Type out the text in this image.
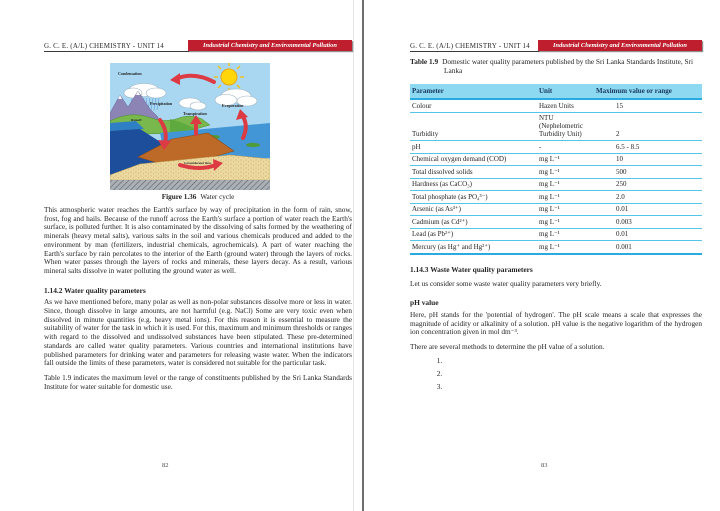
G. C. E. (A/L) CHEMISTRY - UNIT 14	Industrial Chemistry and Environmental Pollution
Condensation
Precipitation
Runoff
Transpiration
Evaporation
Groundwater flow
Figure 1.36 Water cycle

This atmospheric water reaches the Earth's surface by way of precipitation in the form of rain, snow, frost, fog and hails. Because of the runoff across the Earth's surface a portion of water reach the Earth's surface, is polluted further. It is also contaminated by the dissolving of salts formed by the weathering of minerals (heavy metal salts), various salts in the soil and various chemicals produced and added to the environment by man (fertilizers, industrial chemicals, agrochemicals). A part of water reaching the Earth's surface by rain percolates to the interior of the Earth (ground water) through the layers of rocks. When water passes through the layers of rocks and minerals, these layers decay. As a result, various mineral salts dissolve in water polluting the ground water as well.

1.14.2 Water quality parameters

As we have mentioned before, many polar as well as non-polar substances dissolve more or less in water. Since, though dissolve in large amounts, are not harmful (e.g. NaCl) Some are very toxic even when dissolved in minute quantities (e.g. heavy metal ions). For this reason it is essential to measure the suitability of water for the task in which it is used. For this, maximum and minimum thresholds or ranges with regard to the dissolved and undissolved substances have been stipulated. These pre-determined standards are called water quality parameters. Various countries and international institutions have published parameters for drinking water and parameters for releasing waste water. When the indicators fall outside the limits of these parameters, water is considered not suitable for the particular task.

Table 1.9 indicates the maximum level or the range of constituents published by the Sri Lanka Standards Institute for water suitable for domestic use.

82
G. C. E. (A/L) CHEMISTRY - UNIT 14	Industrial Chemistry and Environmental Pollution
Table 1.9 Domestic water quality parameters published by the Sri Lanka Standards Institute, Sri Lanka
Parameter	Unit	Maximum value or range
Colour	Hazen Units	15
Turbidity	NTU (Nephelometric Turbidity Unit)	2
pH	-	6.5 - 8.5
Chemical oxygen demand (COD)	mg L⁻¹	10
Total dissolved solids	mg L⁻¹	500
Hardness (as CaCO₃)	mg L⁻¹	250
Total phosphate (as PO₄³⁻)	mg L⁻¹	2.0
Arsenic (as As³⁺)	mg L⁻¹	0.01
Cadmium (as Cd²⁺)	mg L⁻¹	0.003
Lead (as Pb²⁺)	mg L⁻¹	0.01
Mercury (as Hg⁺ and Hg²⁺)	mg L⁻¹	0.001

1.14.3 Waste Water quality parameters

Let us consider some waste water quality parameters very briefly.

pH value

Here, pH stands for the 'potential of hydrogen'. The pH scale means a scale that expresses the magnitude of acidity or alkalinity of a solution. pH value is the negative logarithm of the hydrogen ion concentration given in mol dm⁻³.

There are several methods to determine the pH value of a solution.

1.
2.
3.
83
